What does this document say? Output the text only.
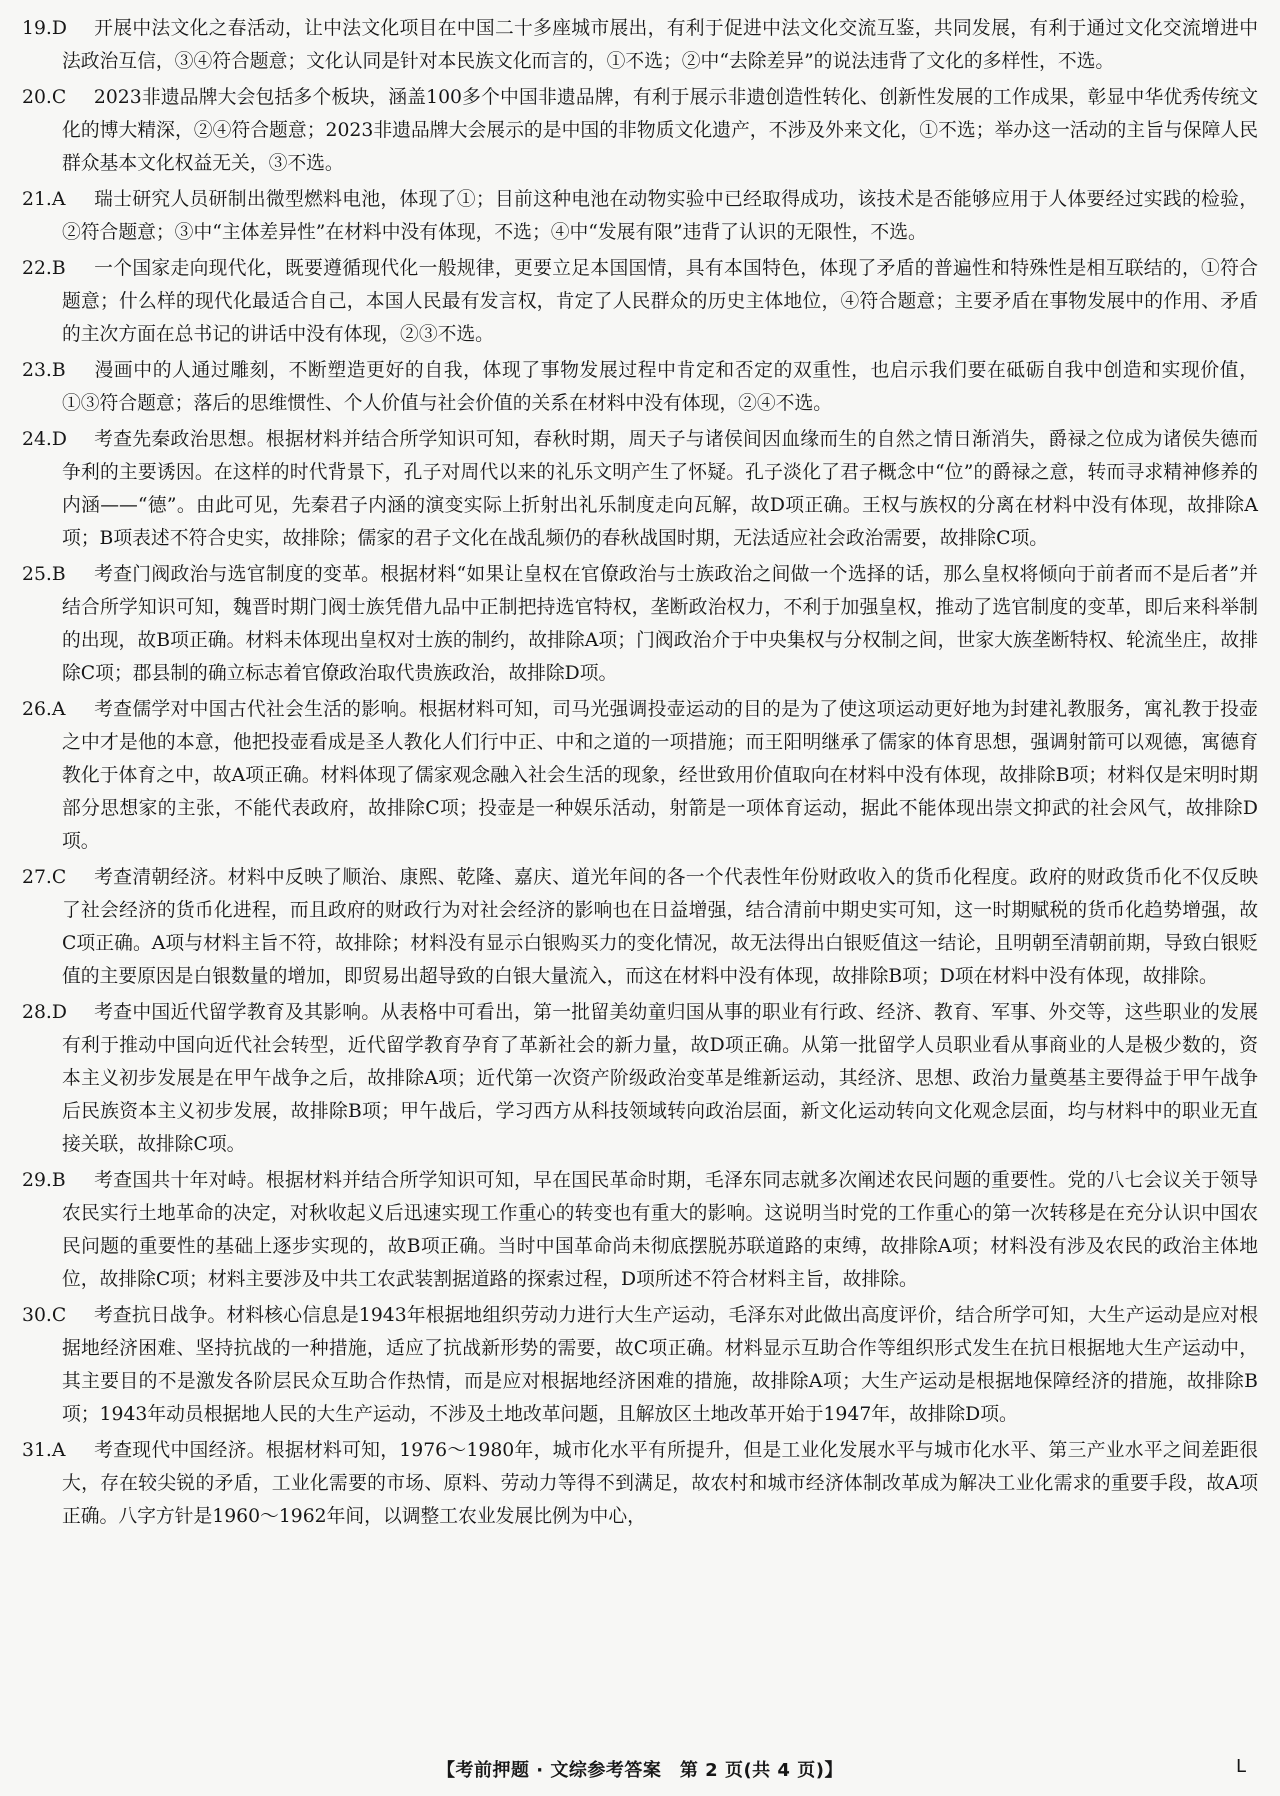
19.D 开展中法文化之春活动，让中法文化项目在中国二十多座城市展出，有利于促进中法文化交流互鉴，共同发展，有利于通过文化交流增进中法政治互信，③④符合题意；文化认同是针对本民族文化而言的，①不选；②中“去除差异”的说法违背了文化的多样性，不选。

20.C 2023非遗品牌大会包括多个板块，涵盖100多个中国非遗品牌，有利于展示非遗创造性转化、创新性发展的工作成果，彰显中华优秀传统文化的博大精深，②④符合题意；2023非遗品牌大会展示的是中国的非物质文化遗产，不涉及外来文化，①不选；举办这一活动的主旨与保障人民群众基本文化权益无关，③不选。

21.A 瑞士研究人员研制出微型燃料电池，体现了①；目前这种电池在动物实验中已经取得成功，该技术是否能够应用于人体要经过实践的检验，②符合题意；③中“主体差异性”在材料中没有体现，不选；④中“发展有限”违背了认识的无限性，不选。

22.B 一个国家走向现代化，既要遵循现代化一般规律，更要立足本国国情，具有本国特色，体现了矛盾的普遍性和特殊性是相互联结的，①符合题意；什么样的现代化最适合自己，本国人民最有发言权，肯定了人民群众的历史主体地位，④符合题意；主要矛盾在事物发展中的作用、矛盾的主次方面在总书记的讲话中没有体现，②③不选。

23.B 漫画中的人通过雕刻，不断塑造更好的自我，体现了事物发展过程中肯定和否定的双重性，也启示我们要在砥砺自我中创造和实现价值，①③符合题意；落后的思维惯性、个人价值与社会价值的关系在材料中没有体现，②④不选。

24.D 考查先秦政治思想。根据材料并结合所学知识可知，春秋时期，周天子与诸侯间因血缘而生的自然之情日渐消失，爵禄之位成为诸侯失德而争利的主要诱因。在这样的时代背景下，孔子对周代以来的礼乐文明产生了怀疑。孔子淡化了君子概念中“位”的爵禄之意，转而寻求精神修养的内涵——“德”。由此可见，先秦君子内涵的演变实际上折射出礼乐制度走向瓦解，故D项正确。王权与族权的分离在材料中没有体现，故排除A项；B项表述不符合史实，故排除；儒家的君子文化在战乱频仍的春秋战国时期，无法适应社会政治需要，故排除C项。

25.B 考查门阀政治与选官制度的变革。根据材料“如果让皇权在官僚政治与士族政治之间做一个选择的话，那么皇权将倾向于前者而不是后者”并结合所学知识可知，魏晋时期门阀士族凭借九品中正制把持选官特权，垄断政治权力，不利于加强皇权，推动了选官制度的变革，即后来科举制的出现，故B项正确。材料未体现出皇权对士族的制约，故排除A项；门阀政治介于中央集权与分权制之间，世家大族垄断特权、轮流坐庄，故排除C项；郡县制的确立标志着官僚政治取代贵族政治，故排除D项。

26.A 考查儒学对中国古代社会生活的影响。根据材料可知，司马光强调投壶运动的目的是为了使这项运动更好地为封建礼教服务，寓礼教于投壶之中才是他的本意，他把投壶看成是圣人教化人们行中正、中和之道的一项措施；而王阳明继承了儒家的体育思想，强调射箭可以观德，寓德育教化于体育之中，故A项正确。材料体现了儒家观念融入社会生活的现象，经世致用价值取向在材料中没有体现，故排除B项；材料仅是宋明时期部分思想家的主张，不能代表政府，故排除C项；投壶是一种娱乐活动，射箭是一项体育运动，据此不能体现出崇文抑武的社会风气，故排除D项。

27.C 考查清朝经济。材料中反映了顺治、康熙、乾隆、嘉庆、道光年间的各一个代表性年份财政收入的货币化程度。政府的财政货币化不仅反映了社会经济的货币化进程，而且政府的财政行为对社会经济的影响也在日益增强，结合清前中期史实可知，这一时期赋税的货币化趋势增强，故C项正确。A项与材料主旨不符，故排除；材料没有显示白银购买力的变化情况，故无法得出白银贬值这一结论，且明朝至清朝前期，导致白银贬值的主要原因是白银数量的增加，即贸易出超导致的白银大量流入，而这在材料中没有体现，故排除B项；D项在材料中没有体现，故排除。

28.D 考查中国近代留学教育及其影响。从表格中可看出，第一批留美幼童归国从事的职业有行政、经济、教育、军事、外交等，这些职业的发展有利于推动中国向近代社会转型，近代留学教育孕育了革新社会的新力量，故D项正确。从第一批留学人员职业看从事商业的人是极少数的，资本主义初步发展是在甲午战争之后，故排除A项；近代第一次资产阶级政治变革是维新运动，其经济、思想、政治力量奠基主要得益于甲午战争后民族资本主义初步发展，故排除B项；甲午战后，学习西方从科技领域转向政治层面，新文化运动转向文化观念层面，均与材料中的职业无直接关联，故排除C项。

29.B 考查国共十年对峙。根据材料并结合所学知识可知，早在国民革命时期，毛泽东同志就多次阐述农民问题的重要性。党的八七会议关于领导农民实行土地革命的决定，对秋收起义后迅速实现工作重心的转变也有重大的影响。这说明当时党的工作重心的第一次转移是在充分认识中国农民问题的重要性的基础上逐步实现的，故B项正确。当时中国革命尚未彻底摆脱苏联道路的束缚，故排除A项；材料没有涉及农民的政治主体地位，故排除C项；材料主要涉及中共工农武装割据道路的探索过程，D项所述不符合材料主旨，故排除。

30.C 考查抗日战争。材料核心信息是1943年根据地组织劳动力进行大生产运动，毛泽东对此做出高度评价，结合所学可知，大生产运动是应对根据地经济困难、坚持抗战的一种措施，适应了抗战新形势的需要，故C项正确。材料显示互助合作等组织形式发生在抗日根据地大生产运动中，其主要目的不是激发各阶层民众互助合作热情，而是应对根据地经济困难的措施，故排除A项；大生产运动是根据地保障经济的措施，故排除B项；1943年动员根据地人民的大生产运动，不涉及土地改革问题，且解放区土地改革开始于1947年，故排除D项。

31.A 考查现代中国经济。根据材料可知，1976～1980年，城市化水平有所提升，但是工业化发展水平与城市化水平、第三产业水平之间差距很大，存在较尖锐的矛盾，工业化需要的市场、原料、劳动力等得不到满足，故农村和城市经济体制改革成为解决工业化需求的重要手段，故A项正确。八字方针是1960～1962年间，以调整工农业发展比例为中心，

【考前押题 · 文综参考答案　第 2 页(共 4 页)】	L
